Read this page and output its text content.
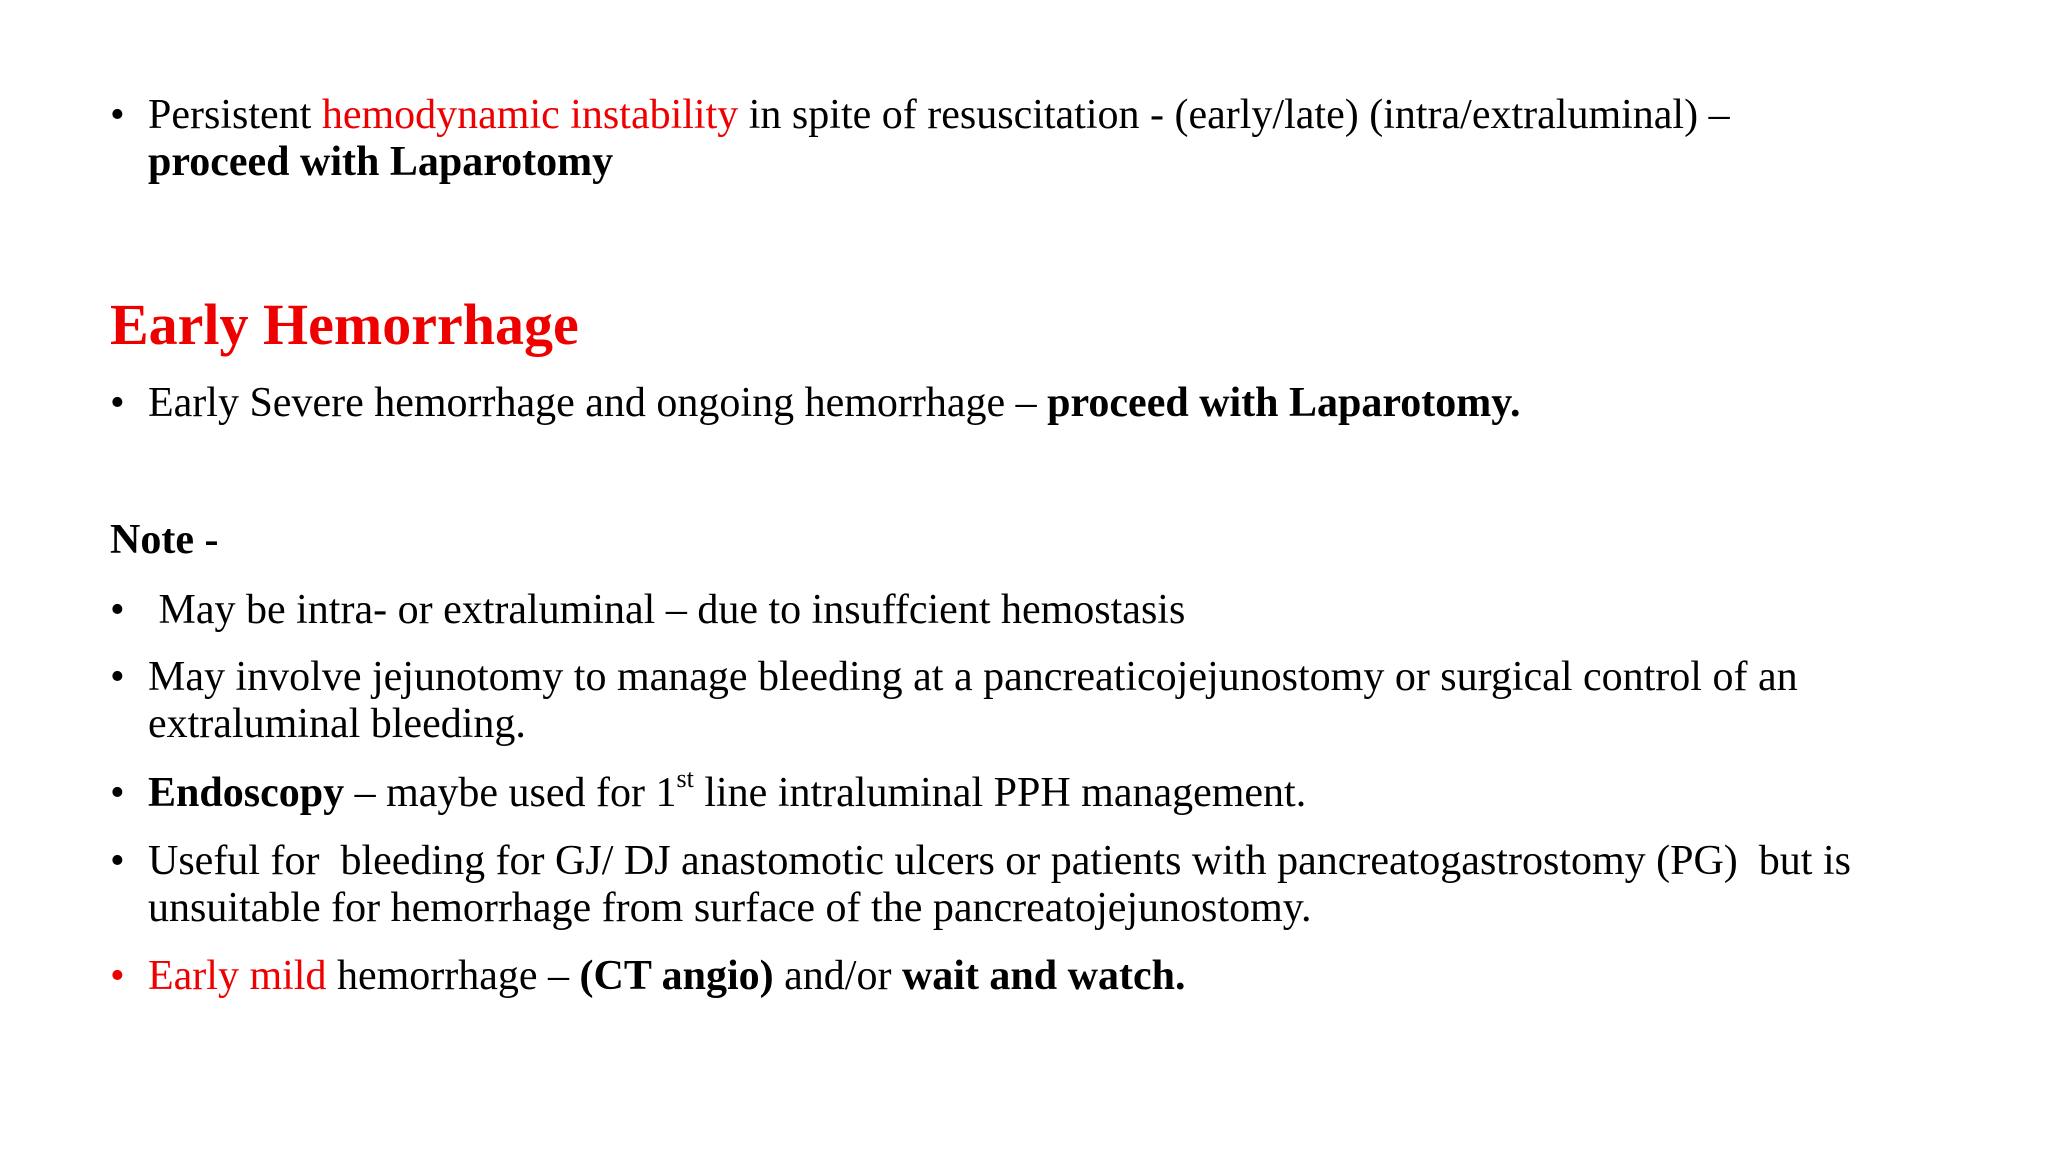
• Persistent hemodynamic instability in spite of resuscitation - (early/late) (intra/extraluminal) –
proceed with Laparotomy
Early Hemorrhage
• Early Severe hemorrhage and ongoing hemorrhage – proceed with Laparotomy.
Note -
• May be intra- or extraluminal – due to insuffcient hemostasis
• May involve jejunotomy to manage bleeding at a pancreaticojejunostomy or surgical control of an extraluminal bleeding.
• Endoscopy – maybe used for 1st line intraluminal PPH management.
• Useful for  bleeding for GJ/ DJ anastomotic ulcers or patients with pancreatogastrostomy (PG)  but is unsuitable for hemorrhage from surface of the pancreatojejunostomy.
• Early mild hemorrhage – (CT angio) and/or wait and watch.
